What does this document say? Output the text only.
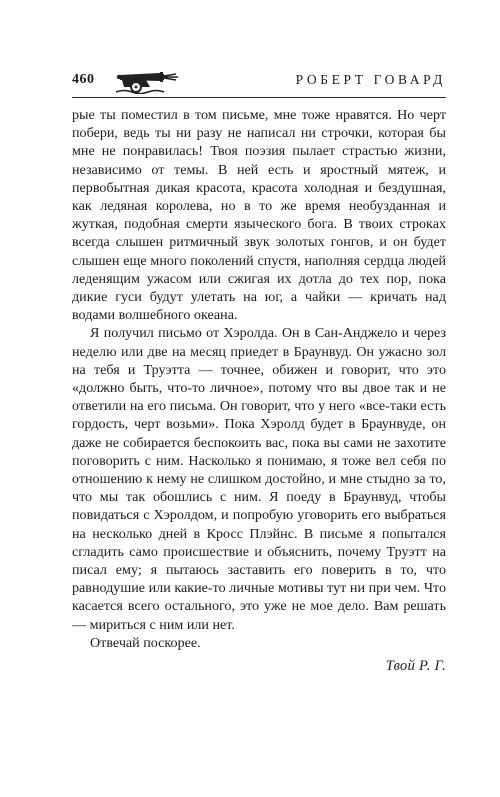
460	РОБЕРТ ГОВАРД

рые ты поместил в том письме, мне тоже нравятся. Но черт побери, ведь ты ни разу не написал ни строчки, которая бы мне не понравилась! Твоя поэзия пылает страстью жизни, независимо от темы. В ней есть и яростный мятеж, и первобытная дикая красота, красота холодная и бездушная, как ледяная королева, но в то же время необузданная и жуткая, подобная смерти языческого бога. В твоих строках всегда слышен ритмичный звук золотых гонгов, и он будет слышен еще много поколений спустя, наполняя сердца людей леденящим ужасом или сжигая их дотла до тех пор, пока дикие гуси будут улетать на юг, а чайки — кричать над водами волшебного океана.

Я получил письмо от Хэролда. Он в Сан-Анджело и через неделю или две на месяц приедет в Браунвуд. Он ужасно зол на тебя и Труэтта — точнее, обижен и говорит, что это «должно быть, что-то личное», потому что вы двое так и не ответили на его письма. Он говорит, что у него «все-таки есть гордость, черт возьми». Пока Хэролд будет в Браунвуде, он даже не собирается беспокоить вас, пока вы сами не захотите поговорить с ним. Насколько я понимаю, я тоже вел себя по отношению к нему не слишком достойно, и мне стыдно за то, что мы так обошлись с ним. Я поеду в Браунвуд, чтобы повидаться с Хэролдом, и попробую уговорить его выбраться на несколько дней в Кросс Плэйнс. В письме я попытался сгладить само происшествие и объяснить, почему Труэтт на писал ему; я пытаюсь заставить его поверить в то, что равнодушие или какие-то личные мотивы тут ни при чем. Что касается всего остального, это уже не мое дело. Вам решать — мириться с ним или нет.

Отвечай поскорее.

Твой Р. Г.
